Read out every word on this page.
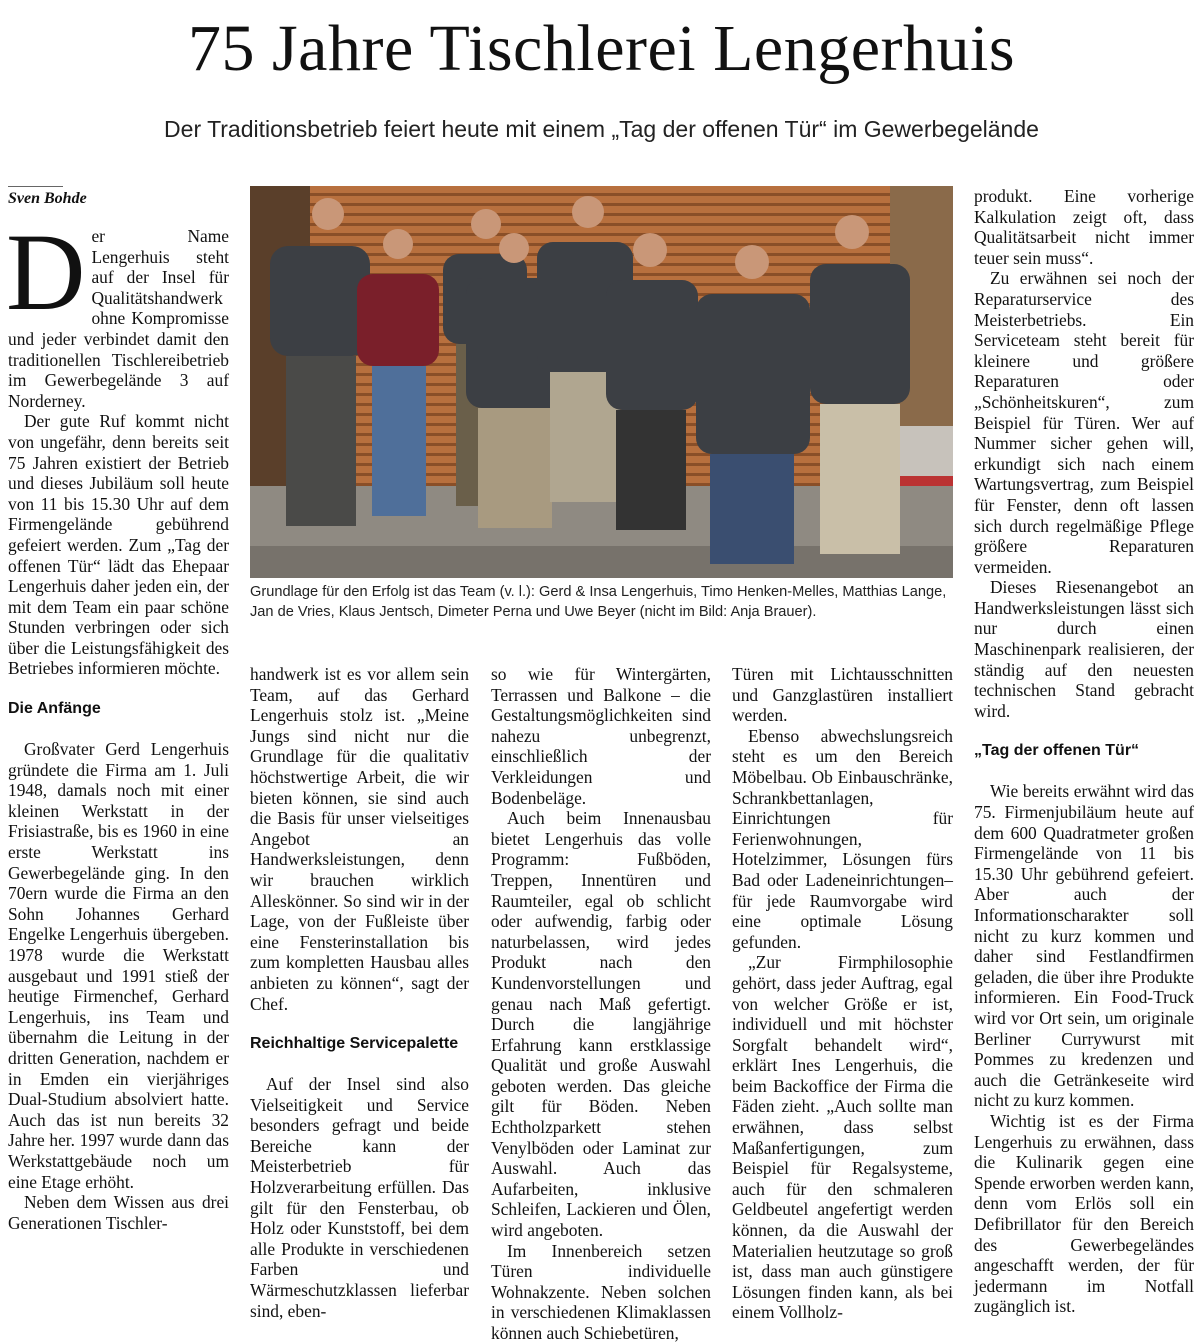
75 Jahre Tischlerei Lengerhuis
Der Traditionsbetrieb feiert heute mit einem „Tag der offenen Tür“ im Gewerbegelände
Sven Bohde

Der Name Lengerhuis steht auf der Insel für Qualitätshandwerk ohne Kompromisse und jeder verbindet damit den traditionellen Tischlereibetrieb im Gewerbegelände 3 auf Norderney.

Der gute Ruf kommt nicht von ungefähr, denn bereits seit 75 Jahren existiert der Betrieb und dieses Jubiläum soll heute von 11 bis 15.30 Uhr auf dem Firmengelände gebührend gefeiert werden. Zum „Tag der offenen Tür“ lädt das Ehepaar Lengerhuis daher jeden ein, der mit dem Team ein paar schöne Stunden verbringen oder sich über die Leistungsfähigkeit des Betriebes informieren möchte.

Die Anfänge

Großvater Gerd Lengerhuis gründete die Firma am 1. Juli 1948, damals noch mit einer kleinen Werkstatt in der Frisiastraße, bis es 1960 in eine erste Werkstatt ins Gewerbegelände ging. In den 70ern wurde die Firma an den Sohn Johannes Gerhard Engelke Lengerhuis übergeben. 1978 wurde die Werkstatt ausgebaut und 1991 stieß der heutige Firmenchef, Gerhard Lengerhuis, ins Team und übernahm die Leitung in der dritten Generation, nachdem er in Emden ein vierjähriges Dual-Studium absolviert hatte. Auch das ist nun bereits 32 Jahre her. 1997 wurde dann das Werkstattgebäude noch um eine Etage erhöht.

Neben dem Wissen aus drei Generationen Tischler-

Grundlage für den Erfolg ist das Team (v. l.): Gerd & Insa Lengerhuis, Timo Henken-Melles, Matthias Lange, Jan de Vries, Klaus Jentsch, Dimeter Perna und Uwe Beyer (nicht im Bild: Anja Brauer).

handwerk ist es vor allem sein Team, auf das Gerhard Lengerhuis stolz ist. „Meine Jungs sind nicht nur die Grundlage für die qualitativ höchstwertige Arbeit, die wir bieten können, sie sind auch die Basis für unser vielseitiges Angebot an Handwerksleistungen, denn wir brauchen wirklich Alleskönner. So sind wir in der Lage, von der Fußleiste über eine Fensterinstallation bis zum kompletten Hausbau alles anbieten zu können“, sagt der Chef.

Reichhaltige Servicepalette

Auf der Insel sind also Vielseitigkeit und Service besonders gefragt und beide Bereiche kann der Meisterbetrieb für Holzverarbeitung erfüllen. Das gilt für den Fensterbau, ob Holz oder Kunststoff, bei dem alle Produkte in verschiedenen Farben und Wärmeschutzklassen lieferbar sind, eben-

so wie für Wintergärten, Terrassen und Balkone – die Gestaltungsmöglichkeiten sind nahezu unbegrenzt, einschließlich der Verkleidungen und Bodenbeläge.

Auch beim Innenausbau bietet Lengerhuis das volle Programm: Fußböden, Treppen, Innentüren und Raumteiler, egal ob schlicht oder aufwendig, farbig oder naturbelassen, wird jedes Produkt nach den Kundenvorstellungen und genau nach Maß gefertigt. Durch die langjährige Erfahrung kann erstklassige Qualität und große Auswahl geboten werden. Das gleiche gilt für Böden. Neben Echtholzparkett stehen Venylböden oder Laminat zur Auswahl. Auch das Aufarbeiten, inklusive Schleifen, Lackieren und Ölen, wird angeboten.

Im Innenbereich setzen Türen individuelle Wohnakzente. Neben solchen in verschiedenen Klimaklassen können auch Schiebetüren,

Türen mit Lichtausschnitten und Ganzglastüren installiert werden.

Ebenso abwechslungsreich steht es um den Bereich Möbelbau. Ob Einbauschränke, Schrankbettanlagen, Einrichtungen für Ferienwohnungen, Hotelzimmer, Lösungen fürs Bad oder Ladeneinrichtungen– für jede Raumvorgabe wird eine optimale Lösung gefunden.

„Zur Firmphilosophie gehört, dass jeder Auftrag, egal von welcher Größe er ist, individuell und mit höchster Sorgfalt behandelt wird“, erklärt Ines Lengerhuis, die beim Backoffice der Firma die Fäden zieht. „Auch sollte man erwähnen, dass selbst Maßanfertigungen, zum Beispiel für Regalsysteme, auch für den schmaleren Geldbeutel angefertigt werden können, da die Auswahl der Materialien heutzutage so groß ist, dass man auch günstigere Lösungen finden kann, als bei einem Vollholz-

produkt. Eine vorherige Kalkulation zeigt oft, dass Qualitätsarbeit nicht immer teuer sein muss“.

Zu erwähnen sei noch der Reparaturservice des Meisterbetriebs. Ein Serviceteam steht bereit für kleinere und größere Reparaturen oder „Schönheitskuren“, zum Beispiel für Türen. Wer auf Nummer sicher gehen will, erkundigt sich nach einem Wartungsvertrag, zum Beispiel für Fenster, denn oft lassen sich durch regelmäßige Pflege größere Reparaturen vermeiden.

Dieses Riesenangebot an Handwerksleistungen lässt sich nur durch einen Maschinenpark realisieren, der ständig auf den neuesten technischen Stand gebracht wird.

„Tag der offenen Tür“

Wie bereits erwähnt wird das 75. Firmenjubiläum heute auf dem 600 Quadratmeter großen Firmengelände von 11 bis 15.30 Uhr gebührend gefeiert. Aber auch der Informationscharakter soll nicht zu kurz kommen und daher sind Festlandfirmen geladen, die über ihre Produkte informieren. Ein Food-Truck wird vor Ort sein, um originale Berliner Currywurst mit Pommes zu kredenzen und auch die Getränkeseite wird nicht zu kurz kommen.

Wichtig ist es der Firma Lengerhuis zu erwähnen, dass die Kulinarik gegen eine Spende erworben werden kann, denn vom Erlös soll ein Defibrillator für den Bereich des Gewerbegeländes angeschafft werden, der für jedermann im Notfall zugänglich ist.
